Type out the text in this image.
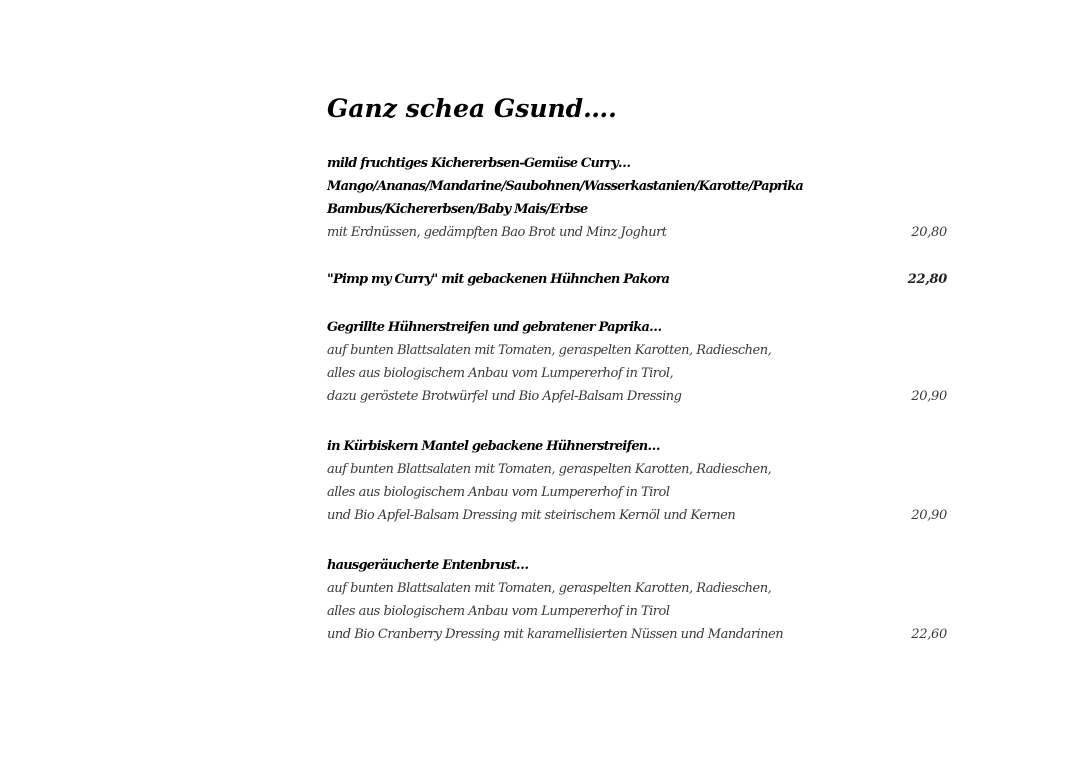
Ganz schea Gsund….
mild fruchtiges Kichererbsen-Gemüse Curry…
Mango/Ananas/Mandarine/Saubohnen/Wasserkastanien/Karotte/Paprika
Bambus/Kichererbsen/Baby Mais/Erbse
mit Erdnüssen, gedämpften Bao Brot und Minz Joghurt	20,80
"Pimp my Curry" mit gebackenen Hühnchen Pakora	22,80
Gegrillte Hühnerstreifen und gebratener Paprika…
auf bunten Blattsalaten mit Tomaten, geraspelten Karotten, Radieschen,
alles aus biologischem Anbau vom Lumpererhof in Tirol,
dazu geröstete Brotwürfel und Bio Apfel-Balsam Dressing	20,90
in Kürbiskern Mantel gebackene Hühnerstreifen…
auf bunten Blattsalaten mit Tomaten, geraspelten Karotten, Radieschen,
alles aus biologischem Anbau vom Lumpererhof in Tirol
und Bio Apfel-Balsam Dressing mit steirischem Kernöl und Kernen	20,90
hausgeräucherte Entenbrust…
auf bunten Blattsalaten mit Tomaten, geraspelten Karotten, Radieschen,
alles aus biologischem Anbau vom Lumpererhof in Tirol
und Bio Cranberry Dressing mit karamellisierten Nüssen und Mandarinen	22,60
